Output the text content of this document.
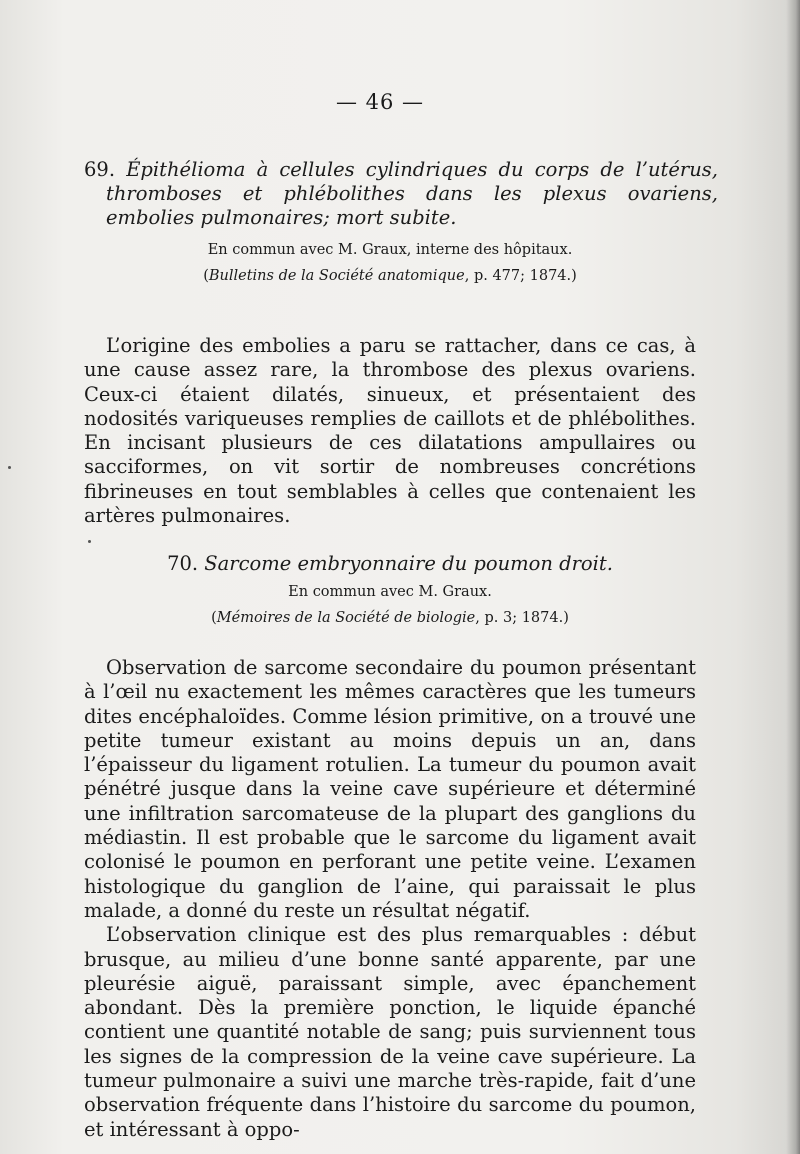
— 46 —
69. Épithélioma à cellules cylindriques du corps de l’utérus, thromboses et phlébolithes dans les plexus ovariens, embolies pulmonaires; mort subite.
En commun avec M. Graux, interne des hôpitaux.
(Bulletins de la Société anatomique, p. 477; 1874.)

L’origine des embolies a paru se rattacher, dans ce cas, à une cause assez rare, la thrombose des plexus ovariens. Ceux-ci étaient dilatés, sinueux, et présentaient des nodosités variqueuses remplies de caillots et de phlébolithes. En incisant plusieurs de ces dilatations ampullaires ou sacciformes, on vit sortir de nombreuses concrétions fibrineuses en tout semblables à celles que contenaient les artères pulmonaires.

70. Sarcome embryonnaire du poumon droit.
En commun avec M. Graux.
(Mémoires de la Société de biologie, p. 3; 1874.)

Observation de sarcome secondaire du poumon présentant à l’œil nu exactement les mêmes caractères que les tumeurs dites encéphaloïdes. Comme lésion primitive, on a trouvé une petite tumeur existant au moins depuis un an, dans l’épaisseur du ligament rotulien. La tumeur du poumon avait pénétré jusque dans la veine cave supérieure et déterminé une infiltration sarcomateuse de la plupart des ganglions du médiastin. Il est probable que le sarcome du ligament avait colonisé le poumon en perforant une petite veine. L’examen histologique du ganglion de l’aine, qui paraissait le plus malade, a donné du reste un résultat négatif.

L’observation clinique est des plus remarquables : début brusque, au milieu d’une bonne santé apparente, par une pleurésie aiguë, paraissant simple, avec épanchement abondant. Dès la première ponction, le liquide épanché contient une quantité notable de sang; puis surviennent tous les signes de la compression de la veine cave supérieure. La tumeur pulmonaire a suivi une marche très-rapide, fait d’une observation fréquente dans l’histoire du sarcome du poumon, et intéressant à oppo-
